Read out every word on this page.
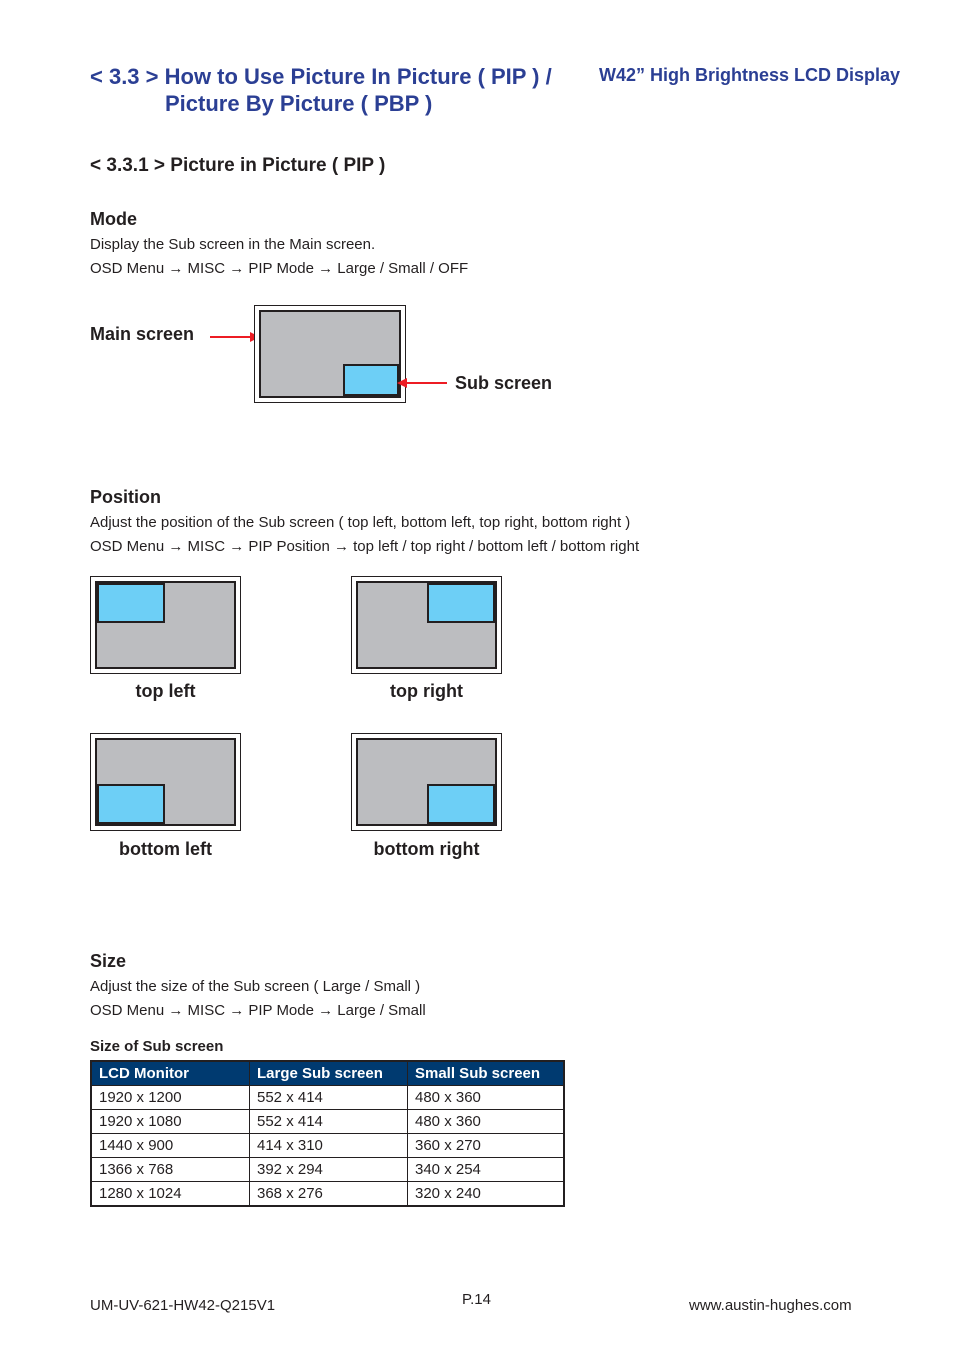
< 3.3 > How to Use Picture In Picture ( PIP ) /
Picture By Picture ( PBP )
W42” High Brightness LCD Display
< 3.3.1 > Picture in Picture ( PIP )
Mode
Display the Sub screen in the Main screen.
OSD Menu → MISC → PIP Mode → Large / Small / OFF
Main screen
Sub screen
Position
Adjust the position of the Sub screen ( top left, bottom left, top right, bottom right )
OSD Menu → MISC → PIP Position → top left / top right / bottom left / bottom right
top left	top right
bottom left	bottom right
Size
Adjust the size of the Sub screen ( Large / Small )
OSD Menu → MISC → PIP Mode → Large / Small
Size of Sub screen
LCD Monitor	Large Sub screen	Small Sub screen
1920 x 1200	552 x 414	480 x 360
1920 x 1080	552 x 414	480 x 360
1440 x 900	414 x 310	360 x 270
1366 x 768	392 x 294	340 x 254
1280 x 1024	368 x 276	320 x 240
UM-UV-621-HW42-Q215V1	P.14	www.austin-hughes.com
